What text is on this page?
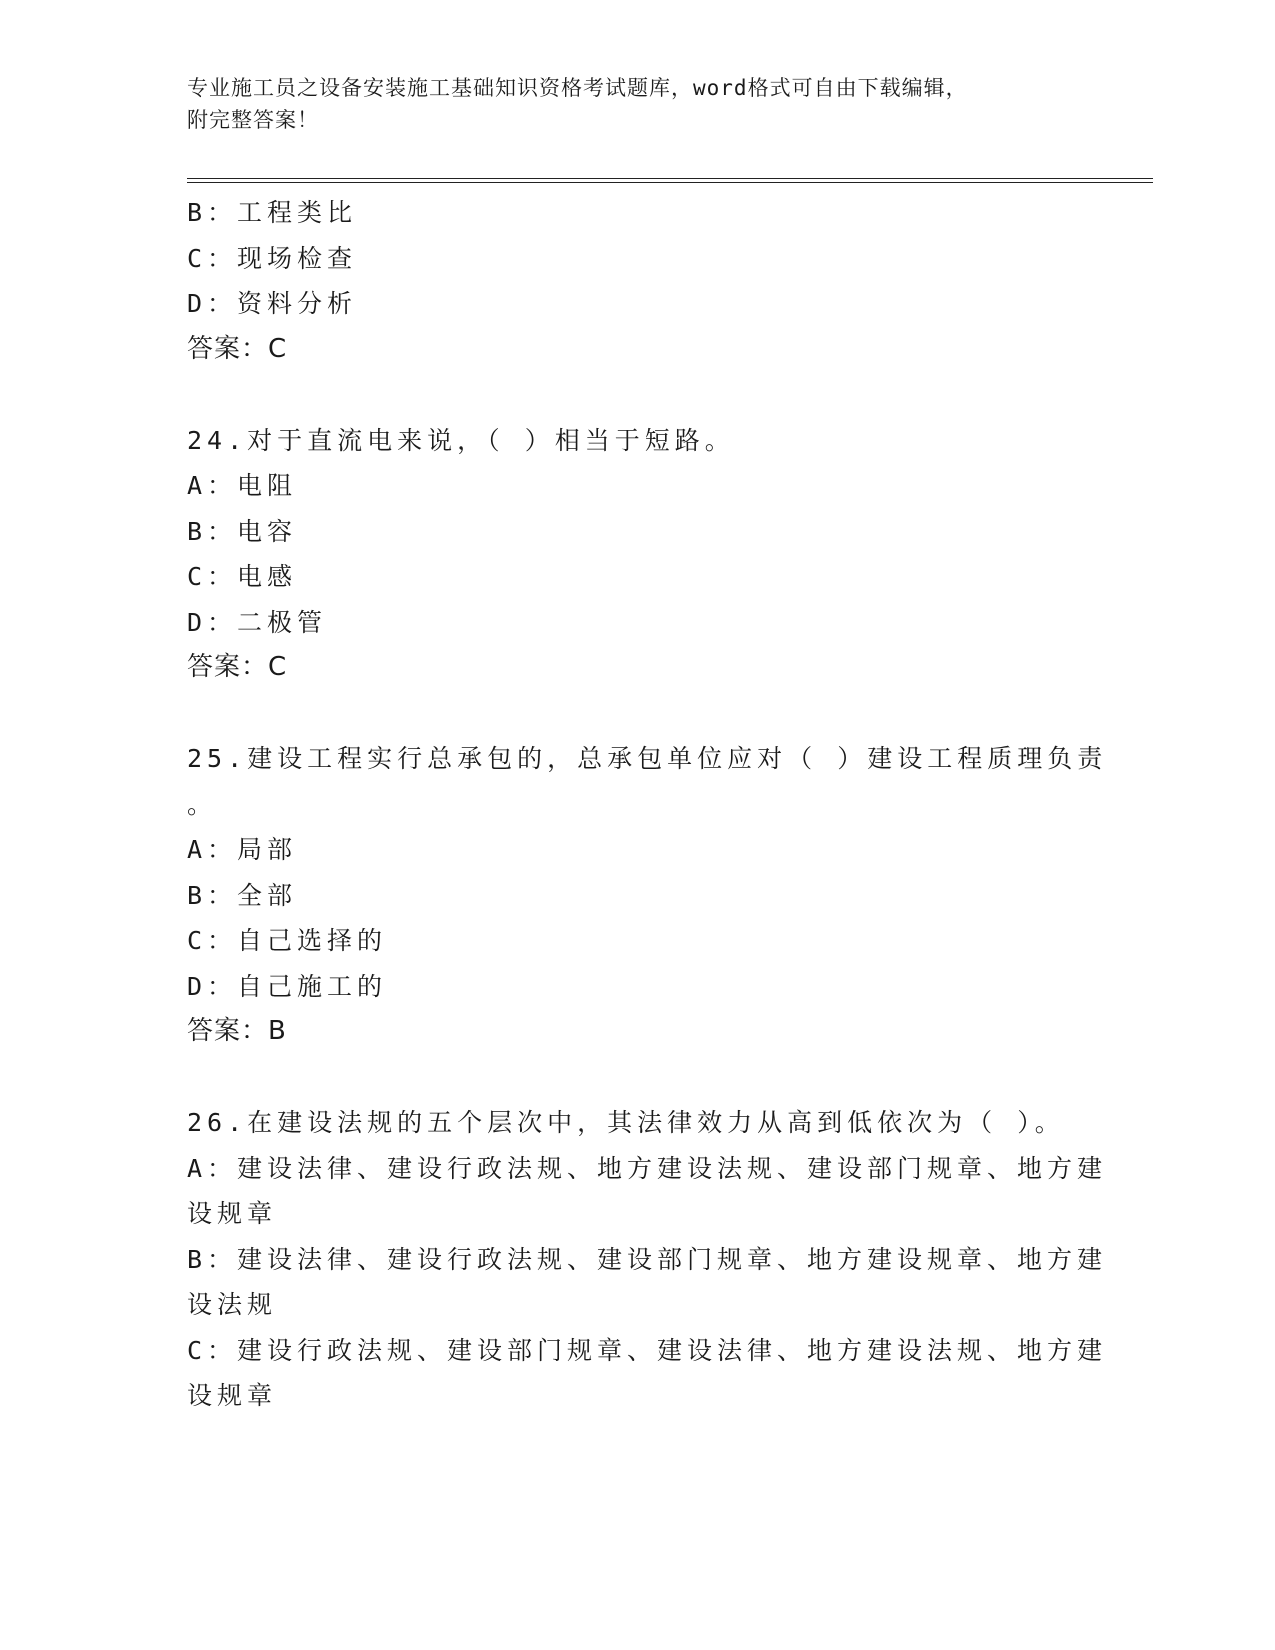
专业施工员之设备安装施工基础知识资格考试题库，word格式可自由下载编辑，
附完整答案！
B：工程类比
C：现场检查
D：资料分析
答案：C
24.对于直流电来说，（ ）相当于短路。
A：电阻
B：电容
C：电感
D：二极管
答案：C
25.建设工程实行总承包的，总承包单位应对（ ）建设工程质理负责
。
A：局部
B：全部
C：自己选择的
D：自己施工的
答案：B
26.在建设法规的五个层次中，其法律效力从高到低依次为（ ）。
A：建设法律、建设行政法规、地方建设法规、建设部门规章、地方建
设规章
B：建设法律、建设行政法规、建设部门规章、地方建设规章、地方建
设法规
C：建设行政法规、建设部门规章、建设法律、地方建设法规、地方建
设规章
